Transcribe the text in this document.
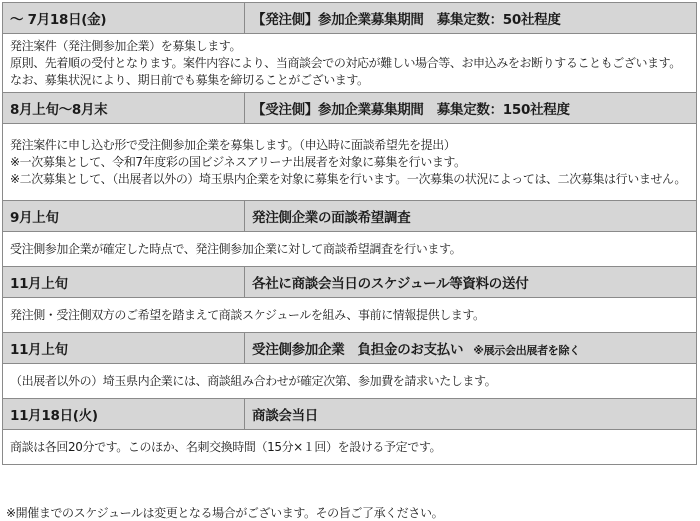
～ 7月18日(金)	【発注側】参加企業募集期間　募集定数：50社程度

発注案件（発注側参加企業）を募集します。

原則、先着順の受付となります。案件内容により、当商談会での対応が難しい場合等、お申込みをお断りすることもございます。なお、募集状況により、期日前でも募集を締切ることがございます。	

8月上旬～8月末	【受注側】参加企業募集期間　募集定数：150社程度

発注案件に申し込む形で受注側参加企業を募集します。（申込時に面談希望先を提出）

※一次募集として、令和7年度彩の国ビジネスアリーナ出展者を対象に募集を行います。

※二次募集として、（出展者以外の）埼玉県内企業を対象に募集を行います。一次募集の状況によっては、二次募集は行いません。	

9月上旬	発注側企業の面談希望調査

受注側参加企業が確定した時点で、発注側参加企業に対して商談希望調査を行います。	

11月上旬	各社に商談会当日のスケジュール等資料の送付

発注側・受注側双方のご希望を踏まえて商談スケジュールを組み、事前に情報提供します。	

11月上旬	受注側参加企業　負担金のお支払い ※展示会出展者を除く

（出展者以外の）埼玉県内企業には、商談組み合わせが確定次第、参加費を請求いたします。	

11月18日(火)	商談会当日

商談は各回20分です。このほか、名刺交換時間（15分×１回）を設ける予定です。	

※開催までのスケジュールは変更となる場合がございます。その旨ご了承ください。
